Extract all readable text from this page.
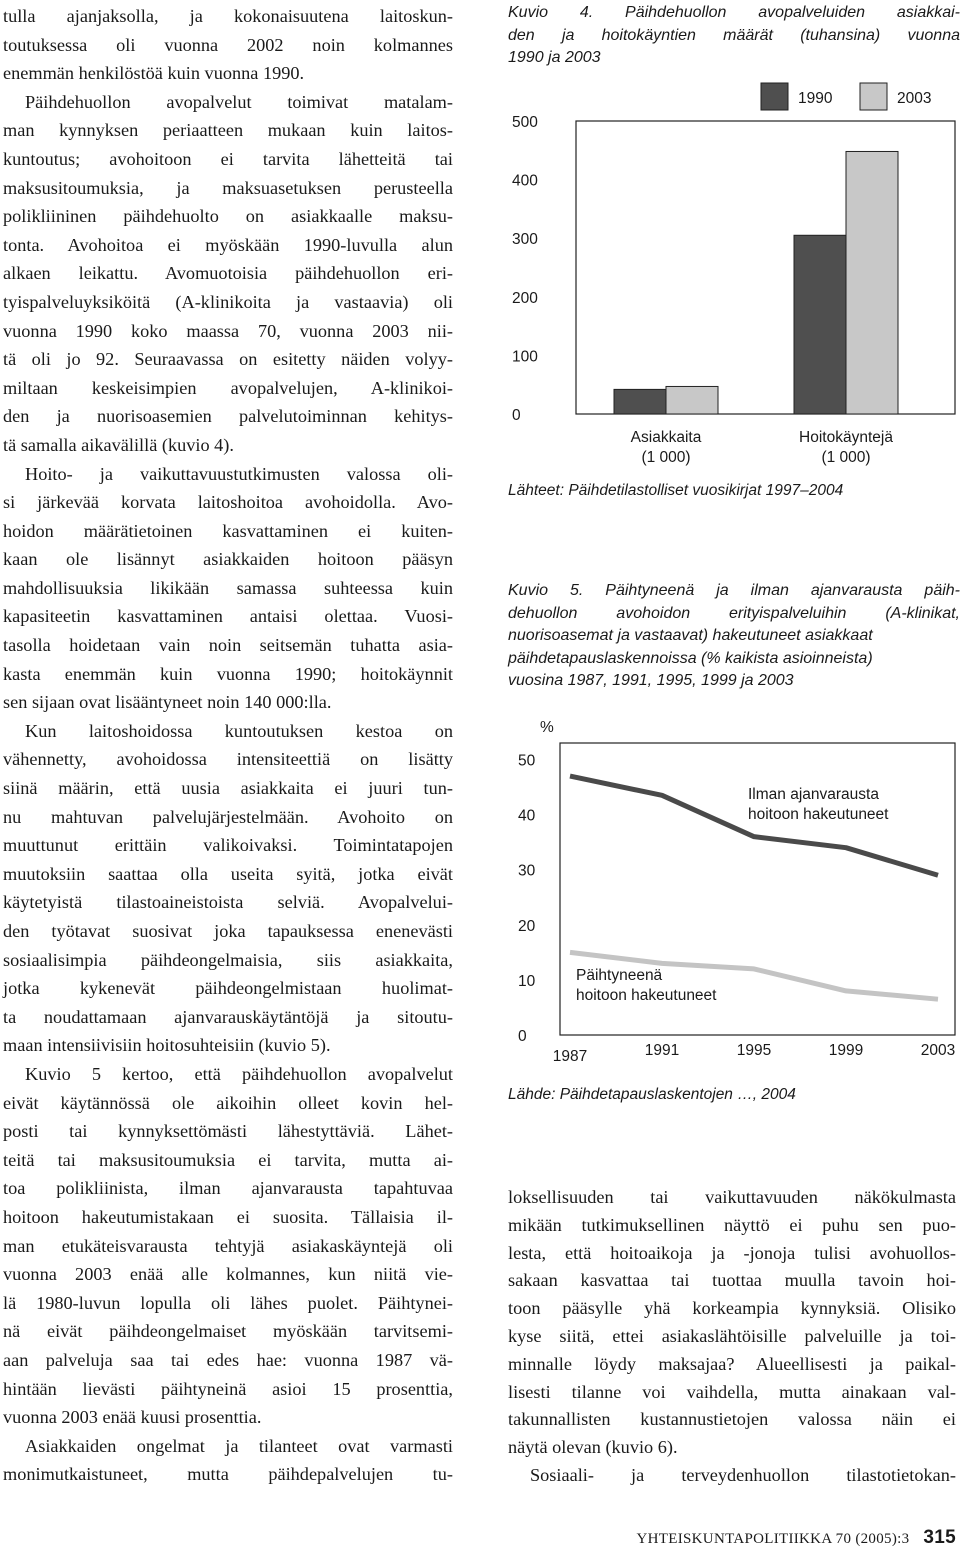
tulla ajanjaksolla, ja kokonaisuutena laitoskun-
toutuksessa oli vuonna 2002 noin kolmannes
enemmän henkilöstöä kuin vuonna 1990.

Päihdehuollon avopalvelut toimivat matalam-
man kynnyksen periaatteen mukaan kuin laitos-
kuntoutus; avohoitoon ei tarvita lähetteitä tai
maksusitoumuksia, ja maksuasetuksen perusteella
polikliininen päihdehuolto on asiakkaalle maksu-
tonta. Avohoitoa ei myöskään 1990-luvulla alun
alkaen leikattu. Avomuotoisia päihdehuollon eri-
tyispalveluyksiköitä (A-klinikoita ja vastaavia) oli
vuonna 1990 koko maassa 70, vuonna 2003 nii-
tä oli jo 92. Seuraavassa on esitetty näiden volyy-
miltaan keskeisimpien avopalvelujen, A-klinikoi-
den ja nuorisoasemien palvelutoiminnan kehitys-
tä samalla aikavälillä (kuvio 4).

Hoito- ja vaikuttavuustutkimusten valossa oli-
si järkevää korvata laitoshoitoa avohoidolla. Avo-
hoidon määrätietoinen kasvattaminen ei kuiten-
kaan ole lisännyt asiakkaiden hoitoon pääsyn
mahdollisuuksia likikään samassa suhteessa kuin
kapasiteetin kasvattaminen antaisi olettaa. Vuosi-
tasolla hoidetaan vain noin seitsemän tuhatta asia-
kasta enemmän kuin vuonna 1990; hoitokäynnit
sen sijaan ovat lisääntyneet noin 140 000:lla.

Kun laitoshoidossa kuntoutuksen kestoa on
vähennetty, avohoidossa intensiteettiä on lisätty
siinä määrin, että uusia asiakkaita ei juuri tun-
nu mahtuvan palvelujärjestelmään. Avohoito on
muuttunut erittäin valikoivaksi. Toimintatapojen
muutoksiin saattaa olla useita syitä, jotka eivät
käytetyistä tilastoaineistoista selviä. Avopalvelui-
den työtavat suosivat joka tapauksessa enenevästi
sosiaalisimpia päihdeongelmaisia, siis asiakkaita,
jotka kykenevät päihdeongelmistaan huolimat-
ta noudattamaan ajanvarauskäytäntöjä ja sitoutu-
maan intensiivisiin hoitosuhteisiin (kuvio 5).

Kuvio 5 kertoo, että päihdehuollon avopalvelut
eivät käytännössä ole aikoihin olleet kovin hel-
posti tai kynnyksettömästi lähestyttäviä. Lähet-
teitä tai maksusitoumuksia ei tarvita, mutta ai-
toa polikliinista, ilman ajanvarausta tapahtuvaa
hoitoon hakeutumistakaan ei suosita. Tällaisia il-
man etukäteisvarausta tehtyjä asiakaskäyntejä oli
vuonna 2003 enää alle kolmannes, kun niitä vie-
lä 1980-luvun lopulla oli lähes puolet. Päihtynei-
nä eivät päihdeongelmaiset myöskään tarvitsemi-
aan palveluja saa tai edes hae: vuonna 1987 vä-
hintään lievästi päihtyneinä asioi 15 prosenttia,
vuonna 2003 enää kuusi prosenttia.

Asiakkaiden ongelmat ja tilanteet ovat varmasti
monimutkaistuneet, mutta päihdepalvelujen tu-

Kuvio 4. Päihdehuollon avopalveluiden asiakkai-
den ja hoitokäyntien määrät (tuhansina) vuonna
1990 ja 2003
0
100
200
300
400
500
Asiakkaita
(1 000)
Hoitokäyntejä
(1 000)
1990	2003
Lähteet: Päihdetilastolliset vuosikirjat 1997–2004
Kuvio 5. Päihtyneenä ja ilman ajanvarausta päih-
dehuollon avohoidon erityispalveluihin (A-klinikat,
nuorisoasemat ja vastaavat) hakeutuneet asiakkaat
päihdetapauslaskennoissa (% kaikista asioinneista)
vuosina 1987, 1991, 1995, 1999 ja 2003
%
0
10
20
30
40
50
1987	1991	1995	1999	2003
Ilman ajanvarausta
hoitoon hakeutuneet
Päihtyneenä
hoitoon hakeutuneet
Lähde: Päihdetapauslaskentojen …, 2004

loksellisuuden tai vaikuttavuuden näkökulmasta
mikään tutkimuksellinen näyttö ei puhu sen puo-
lesta, että hoitoaikoja ja -jonoja tulisi avohuollos-
sakaan kasvattaa tai tuottaa muulla tavoin hoi-
toon pääsylle yhä korkeampia kynnyksiä. Olisiko
kyse siitä, ettei asiakaslähtöisille palveluille ja toi-
minnalle löydy maksajaa? Alueellisesti ja paikal-
lisesti tilanne voi vaihdella, mutta ainakaan val-
takunnallisten kustannustietojen valossa näin ei
näytä olevan (kuvio 6).

Sosiaali- ja terveydenhuollon tilastotietokan-

YHTEISKUNTAPOLITIIKKA 70 (2005):3 315
